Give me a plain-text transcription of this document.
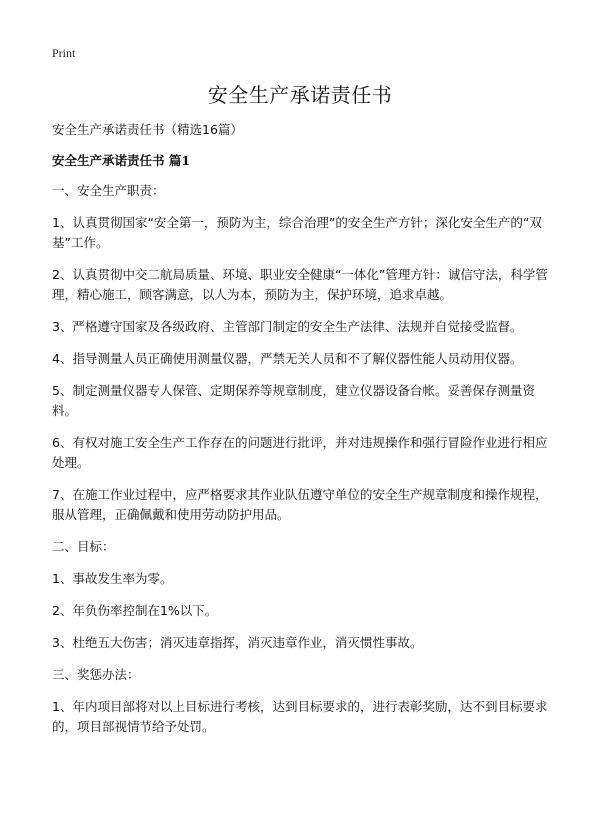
Print

安全生产承诺责任书

安全生产承诺责任书（精选16篇）

安全生产承诺责任书 篇1

一、安全生产职责：

1、认真贯彻国家“安全第一，预防为主，综合治理”的安全生产方针；深化安全生产的“双基”工作。

2、认真贯彻中交二航局质量、环境、职业安全健康“一体化”管理方针：诚信守法，科学管理，精心施工，顾客满意，以人为本，预防为主，保护环境，追求卓越。

3、严格遵守国家及各级政府、主管部门制定的安全生产法律、法规并自觉接受监督。

4、指导测量人员正确使用测量仪器，严禁无关人员和不了解仪器性能人员动用仪器。

5、制定测量仪器专人保管、定期保养等规章制度，建立仪器设备台帐。妥善保存测量资料。

6、有权对施工安全生产工作存在的问题进行批评，并对违规操作和强行冒险作业进行相应处理。

7、在施工作业过程中，应严格要求其作业队伍遵守单位的安全生产规章制度和操作规程，服从管理，正确佩戴和使用劳动防护用品。

二、目标：

1、事故发生率为零。

2、年负伤率控制在1%以下。

3、杜绝五大伤害；消灭违章指挥，消灭违章作业，消灭惯性事故。

三、奖惩办法：

1、年内项目部将对以上目标进行考核，达到目标要求的，进行表彰奖励，达不到目标要求的，项目部视情节给予处罚。
